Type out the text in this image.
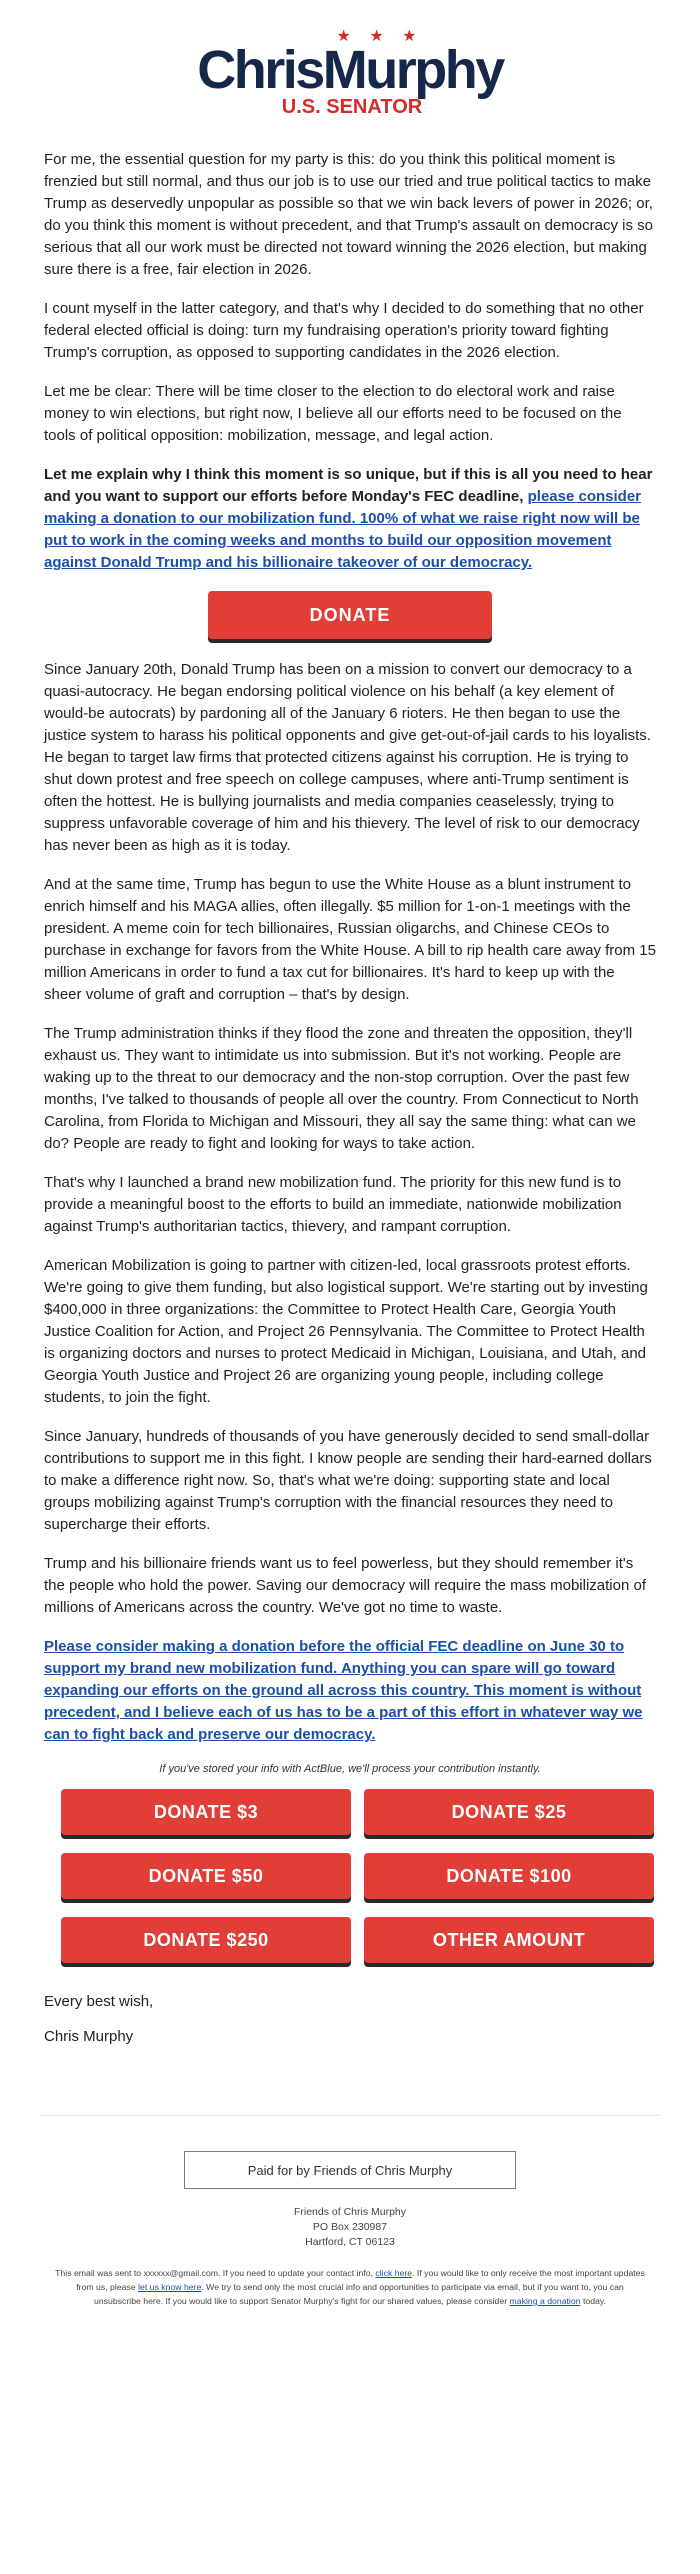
★ ★ ★
ChrisMurphy
U.S. SENATOR

For me, the essential question for my party is this: do you think this political moment is frenzied but still normal, and thus our job is to use our tried and true political tactics to make Trump as deservedly unpopular as possible so that we win back levers of power in 2026; or, do you think this moment is without precedent, and that Trump's assault on democracy is so serious that all our work must be directed not toward winning the 2026 election, but making sure there is a free, fair election in 2026.

I count myself in the latter category, and that's why I decided to do something that no other federal elected official is doing: turn my fundraising operation's priority toward fighting Trump's corruption, as opposed to supporting candidates in the 2026 election.

Let me be clear: There will be time closer to the election to do electoral work and raise money to win elections, but right now, I believe all our efforts need to be focused on the tools of political opposition: mobilization, message, and legal action.

Let me explain why I think this moment is so unique, but if this is all you need to hear and you want to support our efforts before Monday's FEC deadline, please consider making a donation to our mobilization fund. 100% of what we raise right now will be put to work in the coming weeks and months to build our opposition movement against Donald Trump and his billionaire takeover of our democracy.

DONATE

Since January 20th, Donald Trump has been on a mission to convert our democracy to a quasi-autocracy. He began endorsing political violence on his behalf (a key element of would-be autocrats) by pardoning all of the January 6 rioters. He then began to use the justice system to harass his political opponents and give get-out-of-jail cards to his loyalists. He began to target law firms that protected citizens against his corruption. He is trying to shut down protest and free speech on college campuses, where anti-Trump sentiment is often the hottest. He is bullying journalists and media companies ceaselessly, trying to suppress unfavorable coverage of him and his thievery. The level of risk to our democracy has never been as high as it is today.

And at the same time, Trump has begun to use the White House as a blunt instrument to enrich himself and his MAGA allies, often illegally. $5 million for 1-on-1 meetings with the president. A meme coin for tech billionaires, Russian oligarchs, and Chinese CEOs to purchase in exchange for favors from the White House. A bill to rip health care away from 15 million Americans in order to fund a tax cut for billionaires. It's hard to keep up with the sheer volume of graft and corruption – that's by design.

The Trump administration thinks if they flood the zone and threaten the opposition, they'll exhaust us. They want to intimidate us into submission. But it's not working. People are waking up to the threat to our democracy and the non-stop corruption. Over the past few months, I've talked to thousands of people all over the country. From Connecticut to North Carolina, from Florida to Michigan and Missouri, they all say the same thing: what can we do? People are ready to fight and looking for ways to take action.

That's why I launched a brand new mobilization fund. The priority for this new fund is to provide a meaningful boost to the efforts to build an immediate, nationwide mobilization against Trump's authoritarian tactics, thievery, and rampant corruption.

American Mobilization is going to partner with citizen-led, local grassroots protest efforts. We're going to give them funding, but also logistical support. We're starting out by investing $400,000 in three organizations: the Committee to Protect Health Care, Georgia Youth Justice Coalition for Action, and Project 26 Pennsylvania. The Committee to Protect Health is organizing doctors and nurses to protect Medicaid in Michigan, Louisiana, and Utah, and Georgia Youth Justice and Project 26 are organizing young people, including college students, to join the fight.

Since January, hundreds of thousands of you have generously decided to send small-dollar contributions to support me in this fight. I know people are sending their hard-earned dollars to make a difference right now. So, that's what we're doing: supporting state and local groups mobilizing against Trump's corruption with the financial resources they need to supercharge their efforts.

Trump and his billionaire friends want us to feel powerless, but they should remember it's the people who hold the power. Saving our democracy will require the mass mobilization of millions of Americans across the country. We've got no time to waste.

Please consider making a donation before the official FEC deadline on June 30 to support my brand new mobilization fund. Anything you can spare will go toward expanding our efforts on the ground all across this country. This moment is without precedent, and I believe each of us has to be a part of this effort in whatever way we can to fight back and preserve our democracy.

If you've stored your info with ActBlue, we'll process your contribution instantly.
DONATE $3	DONATE $25
DONATE $50	DONATE $100
DONATE $250	OTHER AMOUNT
Every best wish,
Chris Murphy
Paid for by Friends of Chris Murphy
Friends of Chris Murphy
PO Box 230987
Hartford, CT 06123
This email was sent to xxxxxx@gmail.com. If you need to update your contact info, click here. If you would like to only receive the most important updates from us, please let us know here. We try to send only the most crucial info and opportunities to participate via email, but if you want to, you can unsubscribe here. If you would like to support Senator Murphy's fight for our shared values, please consider making a donation today.
